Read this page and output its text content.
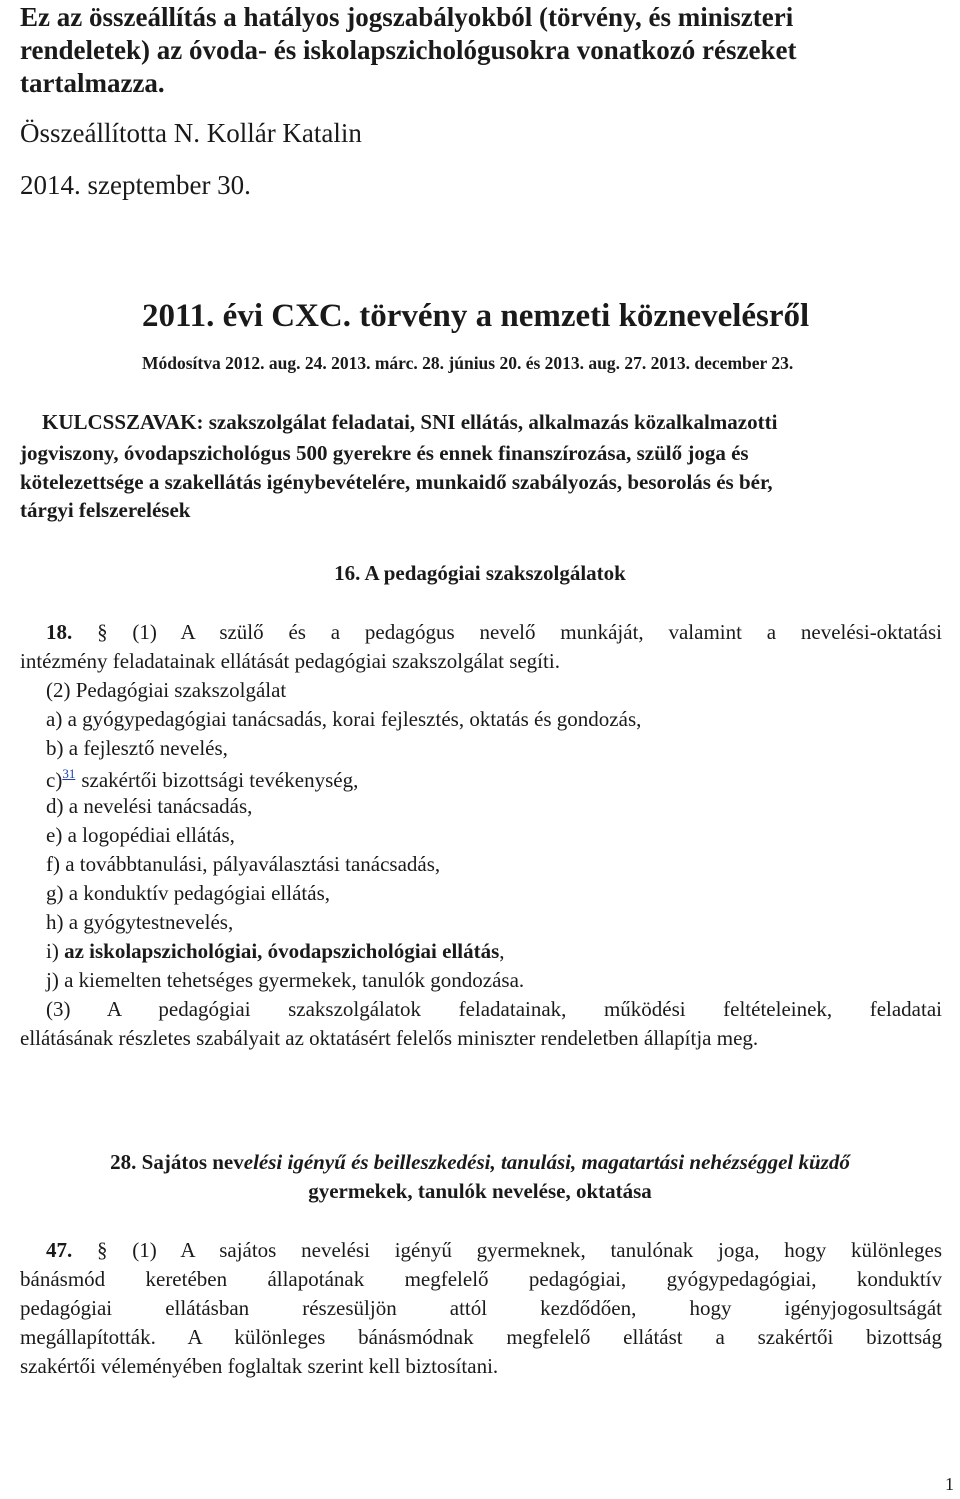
Ez az összeállítás a hatályos jogszabályokból (törvény, és miniszteri
rendeletek) az óvoda- és iskolapszichológusokra vonatkozó részeket
tartalmazza.
Összeállította N. Kollár Katalin
2014. szeptember 30.
2011. évi CXC. törvény a nemzeti köznevelésről
Módosítva 2012. aug. 24. 2013. márc. 28. június 20. és 2013. aug. 27. 2013. december 23.
KULCSSZAVAK: szakszolgálat feladatai, SNI ellátás, alkalmazás közalkalmazotti
jogviszony, óvodapszichológus 500 gyerekre és ennek finanszírozása, szülő joga és
kötelezettsége a szakellátás igénybevételére, munkaidő szabályozás, besorolás és bér,
tárgyi felszerelések
16. A pedagógiai szakszolgálatok
18. § (1) A szülő és a pedagógus nevelő munkáját, valamint a nevelési-oktatási
intézmény feladatainak ellátását pedagógiai szakszolgálat segíti.
(2) Pedagógiai szakszolgálat
a) a gyógypedagógiai tanácsadás, korai fejlesztés, oktatás és gondozás,
b) a fejlesztő nevelés,
c)$^{31}$ szakértői bizottsági tevékenység,
d) a nevelési tanácsadás,
e) a logopédiai ellátás,
f) a továbbtanulási, pályaválasztási tanácsadás,
g) a konduktív pedagógiai ellátás,
h) a gyógytestnevelés,
i) az iskolapszichológiai, óvodapszichológiai ellátás,
j) a kiemelten tehetséges gyermekek, tanulók gondozása.
(3) A pedagógiai szakszolgálatok feladatainak, működési feltételeinek, feladatai
ellátásának részletes szabályait az oktatásért felelős miniszter rendeletben állapítja meg.
28. Sajátos nevelési igényű és beilleszkedési, tanulási, magatartási nehézséggel küzdő
gyermekek, tanulók nevelése, oktatása
47. § (1) A sajátos nevelési igényű gyermeknek, tanulónak joga, hogy különleges
bánásmód keretében állapotának megfelelő pedagógiai, gyógypedagógiai, konduktív
pedagógiai ellátásban részesüljön attól kezdődően, hogy igényjogosultságát
megállapították. A különleges bánásmódnak megfelelő ellátást a szakértői bizottság
szakértői véleményében foglaltak szerint kell biztosítani.
1
